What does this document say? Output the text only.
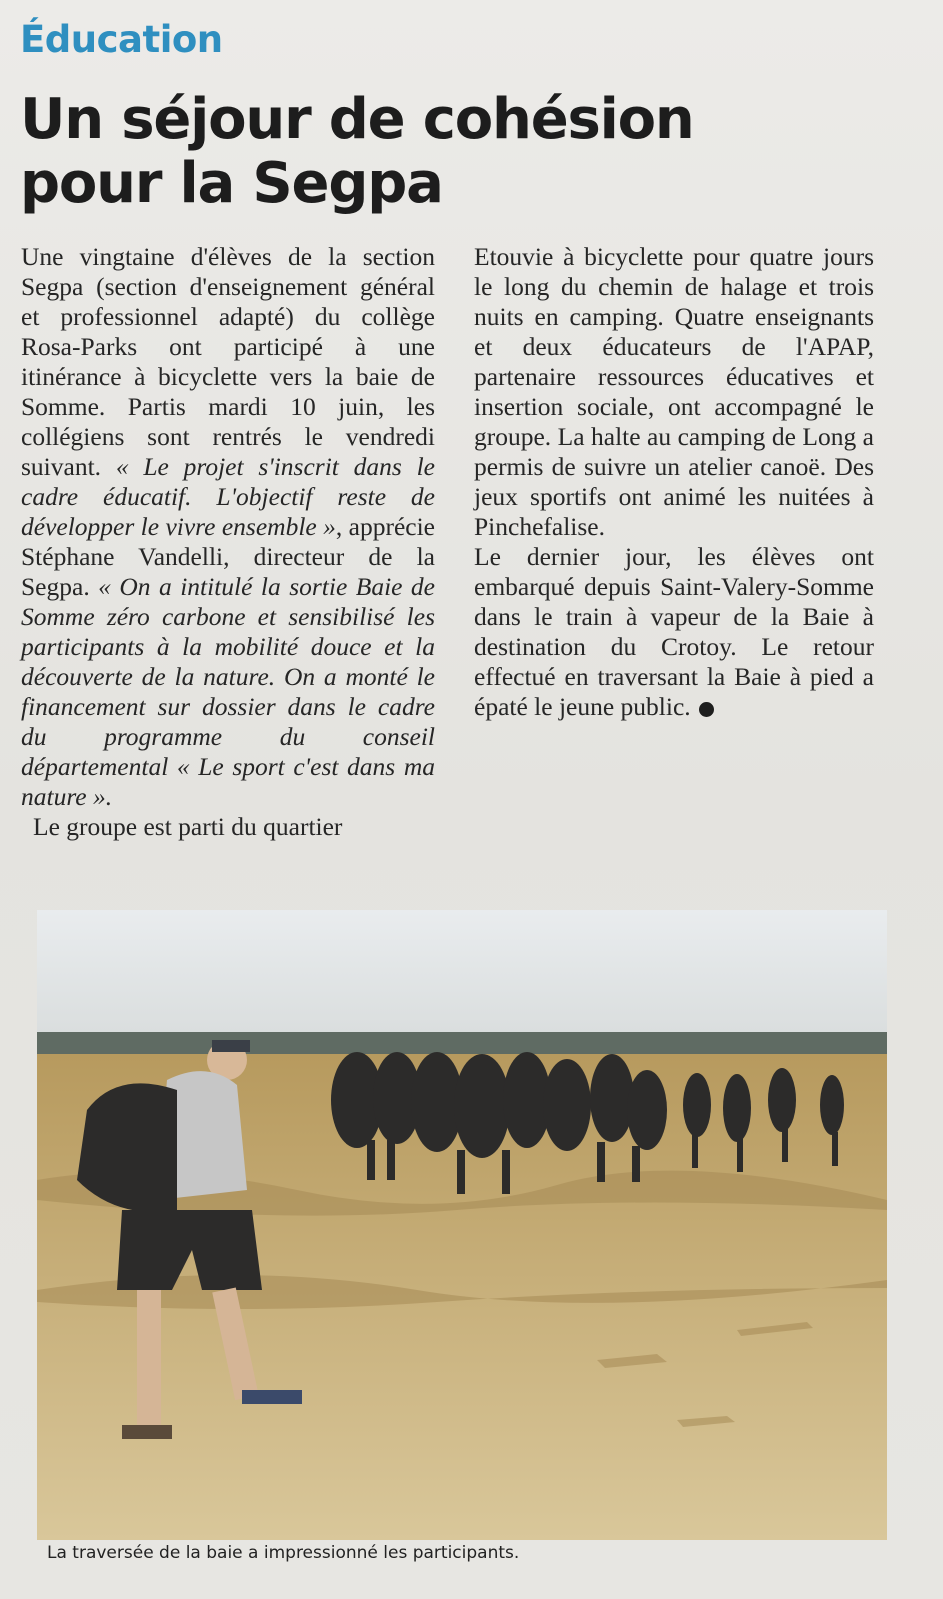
Éducation
Un séjour de cohésion
pour la Segpa

Une vingtaine d'élèves de la section Segpa (section d'enseignement général et professionnel adapté) du collège Rosa-Parks ont participé à une itinérance à bicyclette vers la baie de Somme. Partis mardi 10 juin, les collégiens sont rentrés le vendredi suivant. « Le projet s'inscrit dans le cadre éducatif. L'objectif reste de développer le vivre ensemble », apprécie Stéphane Vandelli, directeur de la Segpa. « On a intitulé la sortie Baie de Somme zéro carbone et sensibilisé les participants à la mobilité douce et la découverte de la nature. On a monté le financement sur dossier dans le cadre du programme du conseil départemental « Le sport c'est dans ma nature ».

Le groupe est parti du quartier

Etouvie à bicyclette pour quatre jours le long du chemin de halage et trois nuits en camping. Quatre enseignants et deux éducateurs de l'APAP, partenaire ressources éducatives et insertion sociale, ont accompagné le groupe. La halte au camping de Long a permis de suivre un atelier canoë. Des jeux sportifs ont animé les nuitées à Pinchefalise.

Le dernier jour, les élèves ont embarqué depuis Saint-Valery-Somme dans le train à vapeur de la Baie à destination du Crotoy. Le retour effectué en traversant la Baie à pied a épaté le jeune public.

La traversée de la baie a impressionné les participants.
